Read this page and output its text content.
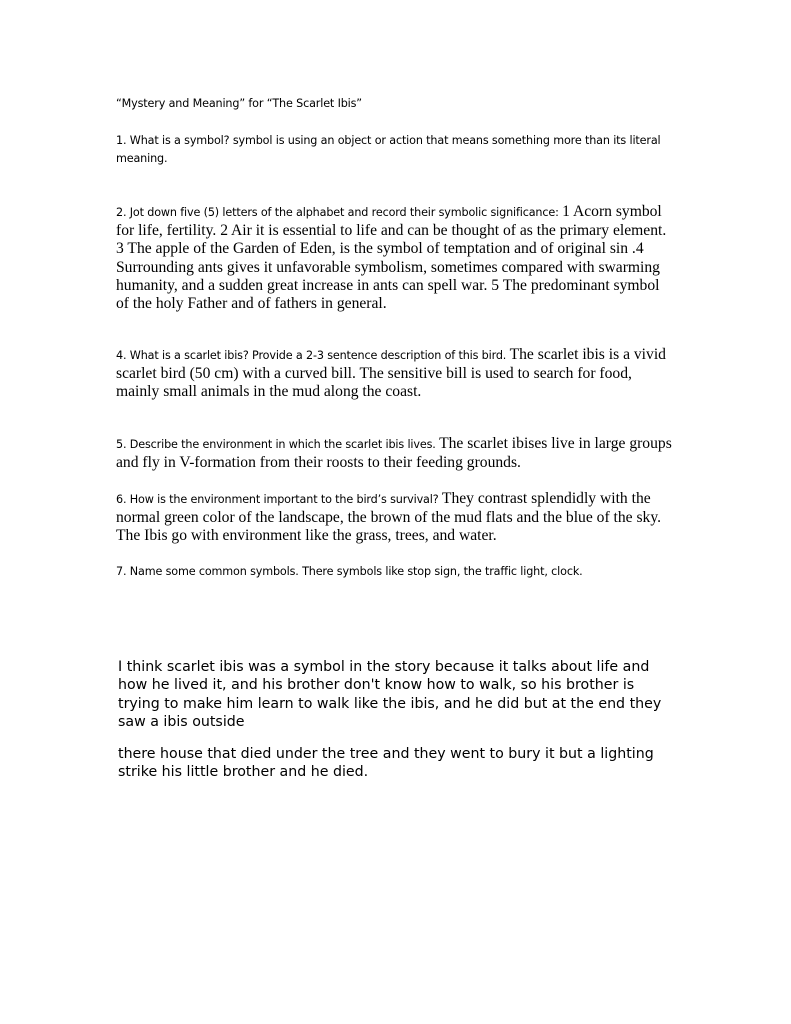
“Mystery and Meaning” for “The Scarlet Ibis”

1. What is a symbol? symbol is using an object or action that means something more than its literal meaning.

2. Jot down five (5) letters of the alphabet and record their symbolic significance: 1 Acorn symbol for life, fertility. 2 Air it is essential to life and can be thought of as the primary element. 3 The apple of the Garden of Eden, is the symbol of temptation and of original sin .4 Surrounding ants gives it unfavorable symbolism, sometimes compared with swarming humanity, and a sudden great increase in ants can spell war. 5 The predominant symbol of the holy Father and of fathers in general.

4. What is a scarlet ibis? Provide a 2-3 sentence description of this bird. The scarlet ibis is a vivid scarlet bird (50 cm) with a curved bill. The sensitive bill is used to search for food, mainly small animals in the mud along the coast.

5. Describe the environment in which the scarlet ibis lives. The scarlet ibises live in large groups and fly in V-formation from their roosts to their feeding grounds.

6. How is the environment important to the bird’s survival? They contrast splendidly with the normal green color of the landscape, the brown of the mud flats and the blue of the sky. The Ibis go with environment like the grass, trees, and water.

7. Name some common symbols. There symbols like stop sign, the traffic light, clock.

I think scarlet ibis was a symbol in the story because it talks about life and how he lived it, and his brother don't know how to walk, so his brother is trying to make him learn to walk like the ibis, and he did but at the end they saw a ibis outside

there house that died under the tree and they went to bury it but a lighting strike his little brother and he died.
